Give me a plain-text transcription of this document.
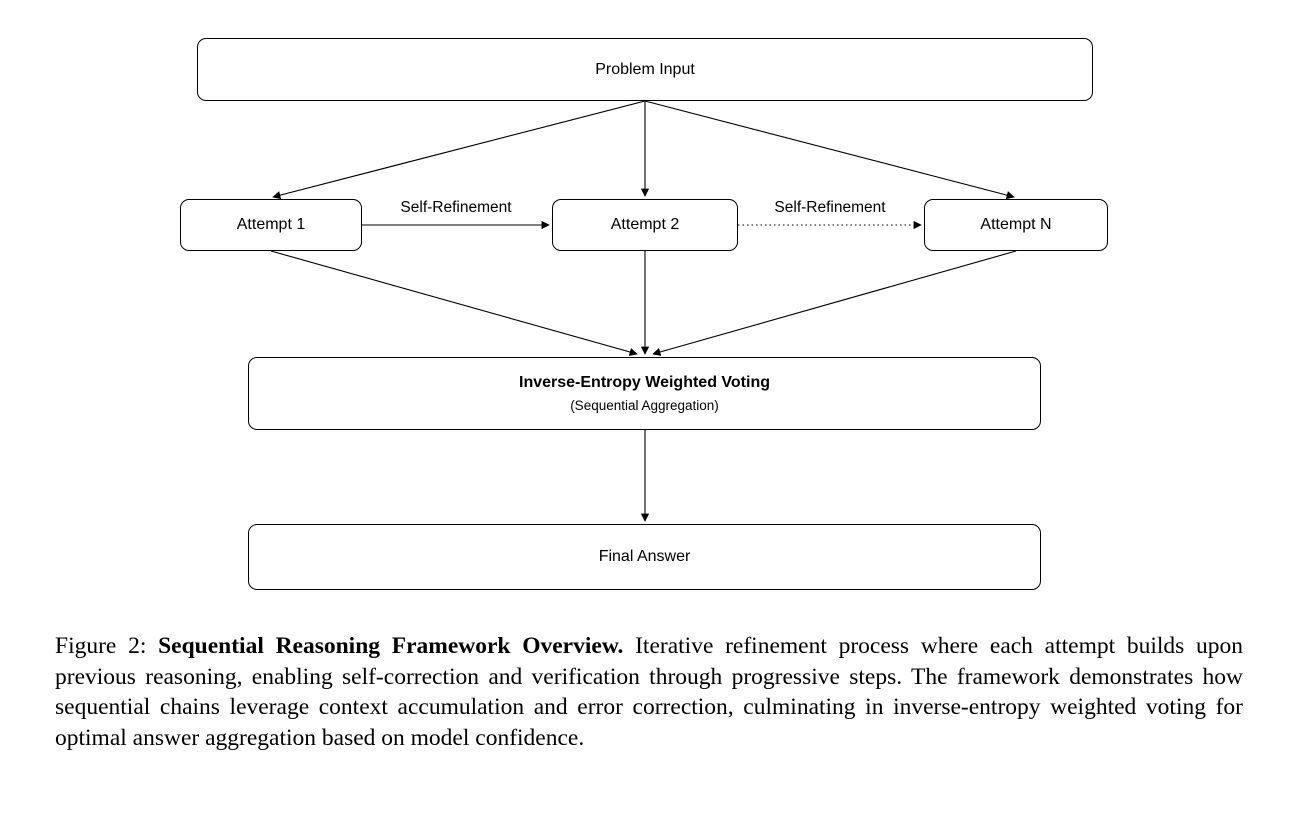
Problem Input
Attempt 1
Self-Refinement
Attempt 2
Self-Refinement
Attempt N
Inverse-Entropy Weighted Voting
(Sequential Aggregation)
Final Answer

Figure 2: Sequential Reasoning Framework Overview. Iterative refinement process where each attempt builds upon previous reasoning, enabling self-correction and verification through progressive steps. The framework demonstrates how sequential chains leverage context accumulation and error correction, culminating in inverse-entropy weighted voting for optimal answer aggregation based on model confidence.
